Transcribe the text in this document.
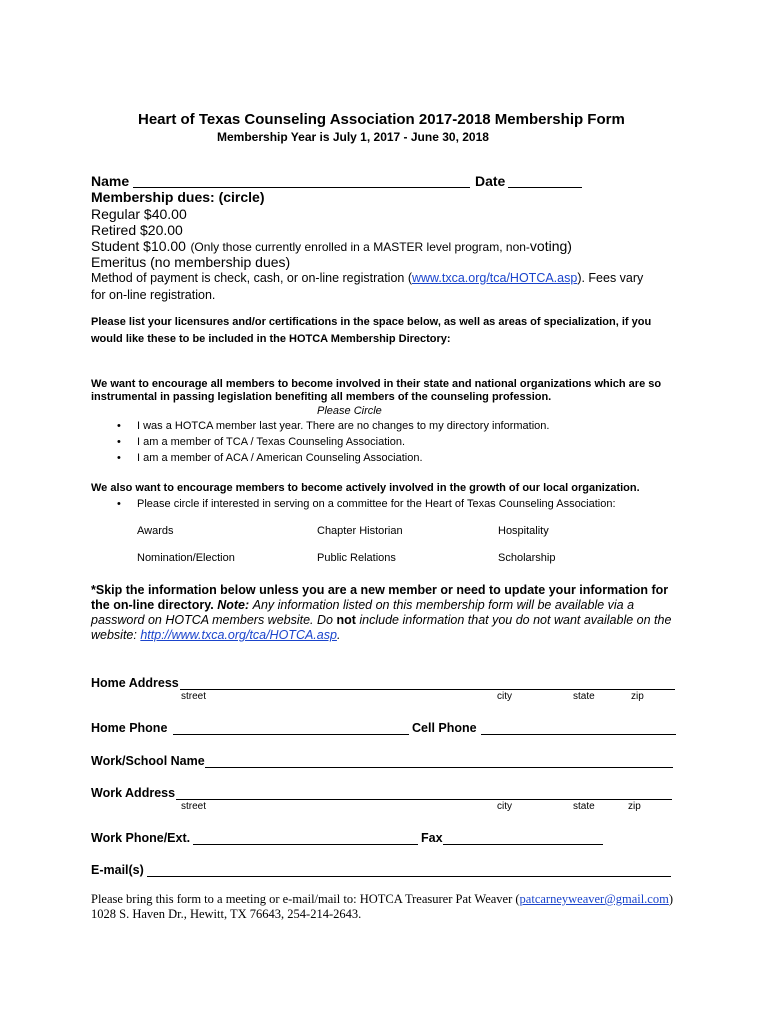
Heart of Texas Counseling Association 2017-2018 Membership Form
Membership Year is July 1, 2017 - June 30, 2018
Name	Date
Membership dues: (circle)
Regular $40.00
Retired $20.00
Student $10.00 (Only those currently enrolled in a MASTER level program, non-voting)
Emeritus (no membership dues)
Method of payment is check, cash, or on-line registration (www.txca.org/tca/HOTCA.asp). Fees vary
for on-line registration.
Please list your licensures and/or certifications in the space below, as well as areas of specialization, if you
would like these to be included in the HOTCA Membership Directory:
We want to encourage all members to become involved in their state and national organizations which are so
instrumental in passing legislation benefiting all members of the counseling profession.
Please Circle
• I was a HOTCA member last year. There are no changes to my directory information.
• I am a member of TCA / Texas Counseling Association.
• I am a member of ACA / American Counseling Association.
We also want to encourage members to become actively involved in the growth of our local organization.
• Please circle if interested in serving on a committee for the Heart of Texas Counseling Association:
Awards	Chapter Historian	Hospitality
Nomination/Election	Public Relations	Scholarship
*Skip the information below unless you are a new member or need to update your information for
the on-line directory. Note: Any information listed on this membership form will be available via a
password on HOTCA members website. Do not include information that you do not want available on the
website: http://www.txca.org/tca/HOTCA.asp.
Home Address
street	city	state	zip
Home Phone	Cell Phone
Work/School Name
Work Address
street	city	state	zip
Work Phone/Ext.	Fax
E-mail(s)
Please bring this form to a meeting or e-mail/mail to: HOTCA Treasurer Pat Weaver (patcarneyweaver@gmail.com)
1028 S. Haven Dr., Hewitt, TX 76643, 254-214-2643.
